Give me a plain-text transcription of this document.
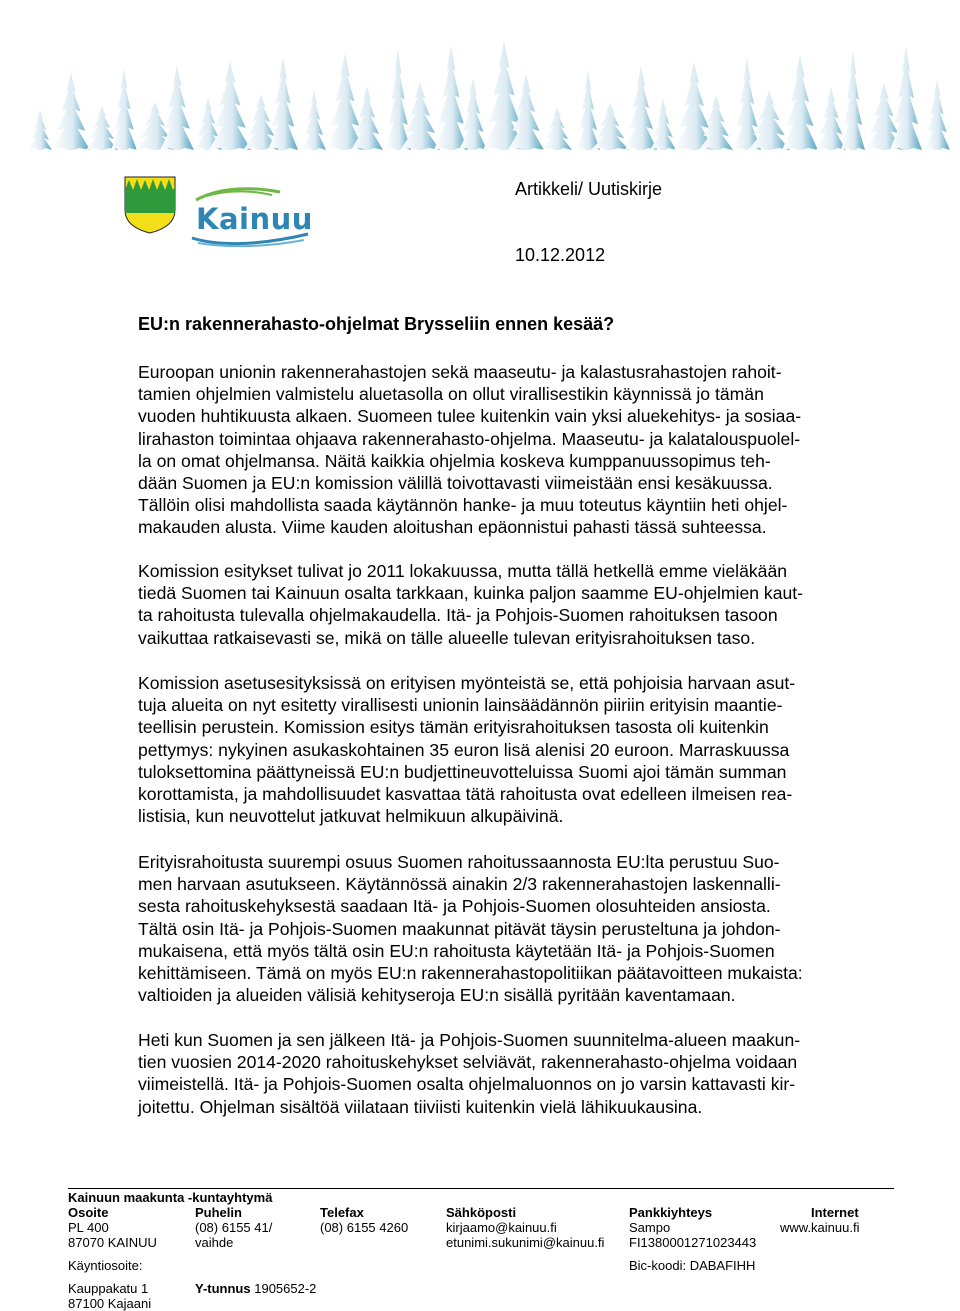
Kainuu
Artikkeli/ Uutiskirje
10.12.2012
EU:n rakennerahasto-ohjelmat Brysseliin ennen kesää?

Euroopan unionin rakennerahastojen sekä maaseutu- ja kalastusrahastojen rahoit-
tamien ohjelmien valmistelu aluetasolla on ollut virallisestikin käynnissä jo tämän
vuoden huhtikuusta alkaen. Suomeen tulee kuitenkin vain yksi aluekehitys- ja sosiaa-
lirahaston toimintaa ohjaava rakennerahasto-ohjelma. Maaseutu- ja kalatalouspuolel-
la on omat ohjelmansa. Näitä kaikkia ohjelmia koskeva kumppanuussopimus teh-
dään Suomen ja EU:n komission välillä toivottavasti viimeistään ensi kesäkuussa.
Tällöin olisi mahdollista saada käytännön hanke- ja muu toteutus käyntiin heti ohjel-
makauden alusta. Viime kauden aloitushan epäonnistui pahasti tässä suhteessa.

Komission esitykset tulivat jo 2011 lokakuussa, mutta tällä hetkellä emme vieläkään
tiedä Suomen tai Kainuun osalta tarkkaan, kuinka paljon saamme EU-ohjelmien kaut-
ta rahoitusta tulevalla ohjelmakaudella. Itä- ja Pohjois-Suomen rahoituksen tasoon
vaikuttaa ratkaisevasti se, mikä on tälle alueelle tulevan erityisrahoituksen taso.

Komission asetusesityksissä on erityisen myönteistä se, että pohjoisia harvaan asut-
tuja alueita on nyt esitetty virallisesti unionin lainsäädännön piiriin erityisin maantie-
teellisin perustein. Komission esitys tämän erityisrahoituksen tasosta oli kuitenkin
pettymys: nykyinen asukaskohtainen 35 euron lisä alenisi 20 euroon. Marraskuussa
tuloksettomina päättyneissä EU:n budjettineuvotteluissa Suomi ajoi tämän summan
korottamista, ja mahdollisuudet kasvattaa tätä rahoitusta ovat edelleen ilmeisen rea-
listisia, kun neuvottelut jatkuvat helmikuun alkupäivinä.

Erityisrahoitusta suurempi osuus Suomen rahoitussaannosta EU:lta perustuu Suo-
men harvaan asutukseen. Käytännössä ainakin 2/3 rakennerahastojen laskennalli-
sesta rahoituskehyksestä saadaan Itä- ja Pohjois-Suomen olosuhteiden ansiosta.
Tältä osin Itä- ja Pohjois-Suomen maakunnat pitävät täysin perusteltuna ja johdon-
mukaisena, että myös tältä osin EU:n rahoitusta käytetään Itä- ja Pohjois-Suomen
kehittämiseen. Tämä on myös EU:n rakennerahastopolitiikan päätavoitteen mukaista:
valtioiden ja alueiden välisiä kehityseroja EU:n sisällä pyritään kaventamaan.

Heti kun Suomen ja sen jälkeen Itä- ja Pohjois-Suomen suunnitelma-alueen maakun-
tien vuosien 2014-2020 rahoituskehykset selviävät, rakennerahasto-ohjelma voidaan
viimeistellä. Itä- ja Pohjois-Suomen osalta ohjelmaluonnos on jo varsin kattavasti kir-
joitettu. Ohjelman sisältöä viilataan tiiviisti kuitenkin vielä lähikuukausina.

Kainuun maakunta -kuntayhtymä
Osoite
PL 400
87070 KAINUU
Puhelin
(08) 6155 41/
vaihde
Telefax
(08) 6155 4260
Sähköposti
kirjaamo@kainuu.fi
etunimi.sukunimi@kainuu.fi
Pankkiyhteys
Sampo
FI1380001271023443
Internet
www.kainuu.fi
Käyntiosoite:	Bic-koodi: DABAFIHH
Kauppakatu 1
87100 Kajaani
Y-tunnus 1905652-2
